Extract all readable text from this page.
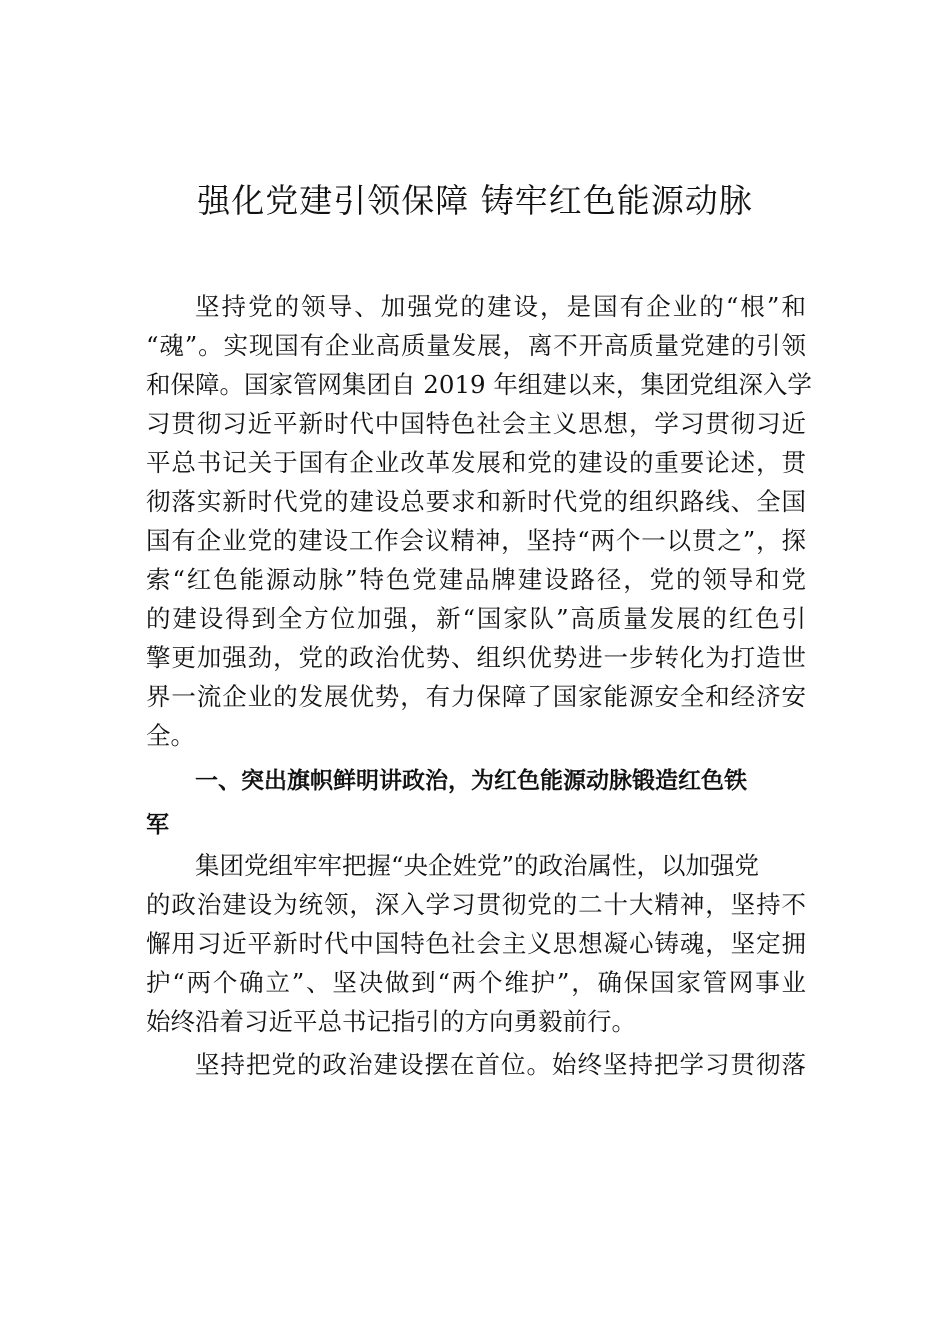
强化党建引领保障 铸牢红色能源动脉
坚持党的领导、加强党的建设，是国有企业的“根”和
“魂”。实现国有企业高质量发展，离不开高质量党建的引领
和保障。国家管网集团自 2019 年组建以来，集团党组深入学
习贯彻习近平新时代中国特色社会主义思想，学习贯彻习近
平总书记关于国有企业改革发展和党的建设的重要论述，贯
彻落实新时代党的建设总要求和新时代党的组织路线、全国
国有企业党的建设工作会议精神，坚持“两个一以贯之”，探
索“红色能源动脉”特色党建品牌建设路径，党的领导和党
的建设得到全方位加强，新“国家队”高质量发展的红色引
擎更加强劲，党的政治优势、组织优势进一步转化为打造世
界一流企业的发展优势，有力保障了国家能源安全和经济安
全。
一、突出旗帜鲜明讲政治，为红色能源动脉锻造红色铁
军
集团党组牢牢把握“央企姓党”的政治属性，以加强党
的政治建设为统领，深入学习贯彻党的二十大精神，坚持不
懈用习近平新时代中国特色社会主义思想凝心铸魂，坚定拥
护“两个确立”、坚决做到“两个维护”，确保国家管网事业
始终沿着习近平总书记指引的方向勇毅前行。
坚持把党的政治建设摆在首位。始终坚持把学习贯彻落
